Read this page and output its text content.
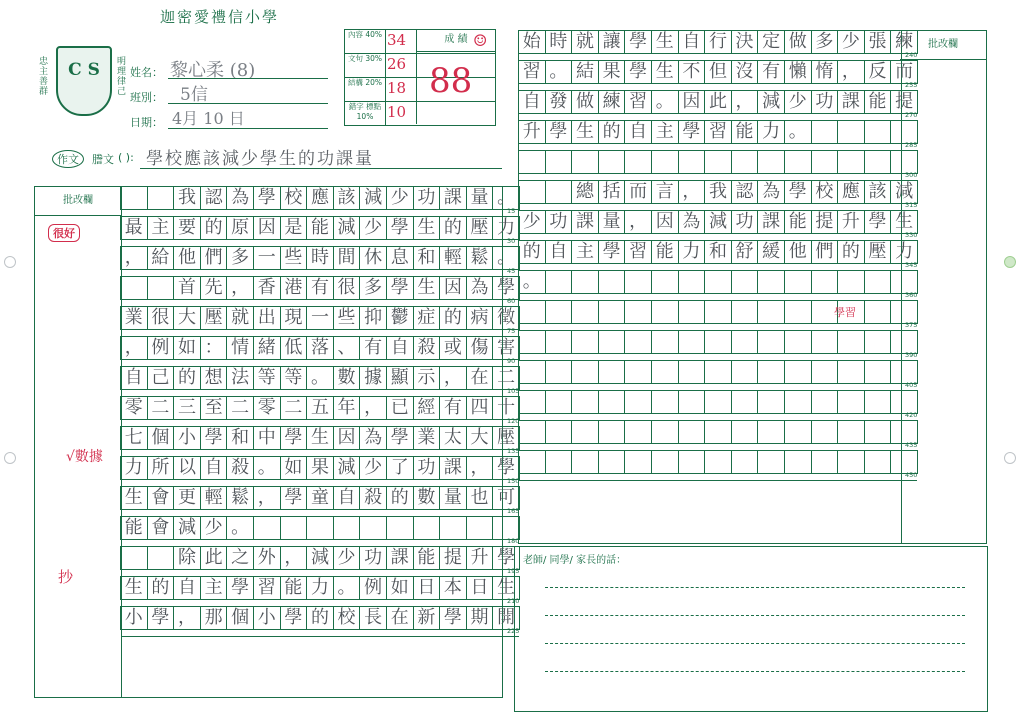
迦密愛禮信小學
C S
忠主善群	明理律己 姓名： 黎心柔 (8)
班別： 5信
日期： 4月 10 日
內容 40% 34
文句 30% 26
結構 20% 18
錯字 標點 10% 10
成 績 ☺
88
作文	謄文 ( ): 學校應該減少學生的功課量
批改欄
很好
√數據
抄
		我	認	為	學	校	應	該	減	少	功	課	量	。

最	主	要	的	原	因	是	能	減	少	學	生	的	壓	力

，	給	他	們	多	一	些	時	間	休	息	和	輕	鬆	。

		首	先	，	香	港	有	很	多	學	生	因	為	學

業	很	大	壓	就	出	現	一	些	抑	鬱	症	的	病	徵

，	例	如	：	情	緒	低	落	、	有	自	殺	或	傷	害

自	己	的	想	法	等	等	。	數	據	顯	示	，	在	二

零	二	三	至	二	零	二	五	年	，	已	經	有	四	十

七	個	小	學	和	中	學	生	因	為	學	業	太	大	壓

力	所	以	自	殺	。	如	果	減	少	了	功	課	，	學

生	會	更	輕	鬆	，	學	童	自	殺	的	數	量	也	可

能	會	減	少	。										

		除	此	之	外	，	減	少	功	課	能	提	升	學

生	的	自	主	學	習	能	力	。	例	如	日	本	日	生

小	學	，	那	個	小	學	的	校	長	在	新	學	期	開

15
30
45
60
75
90
105
120
135
150
165
180
195
210
225
始	時	就	讓	學	生	自	行	決	定	做	多	少	張	練

習	。	結	果	學	生	不	但	沒	有	懶	惰	，	反	而

自	發	做	練	習	。	因	此	，	減	少	功	課	能	提

升	學	生	的	自	主	學	習	能	力	。				

		總	括	而	言	，	我	認	為	學	校	應	該	減

少	功	課	量	，	因	為	減	功	課	能	提	升	學	生

的	自	主	學	習	能	力	和	舒	緩	他	們	的	壓	力

。														

240
255
270
285
300
315
330
345
360
375
390
405
420
435
450
批改欄
學習
老師/ 同學/ 家長的話：
